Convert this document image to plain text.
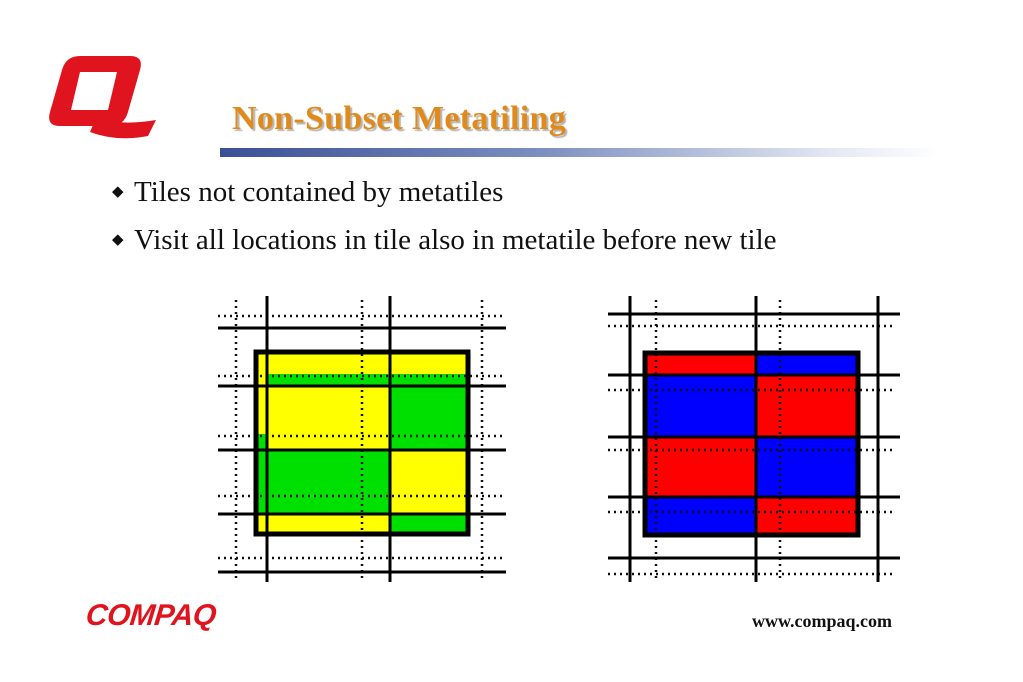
Non-Subset Metatiling
◆ Tiles not contained by metatiles
◆ Visit all locations in tile also in metatile before new tile
COMPAQ	www.compaq.com
